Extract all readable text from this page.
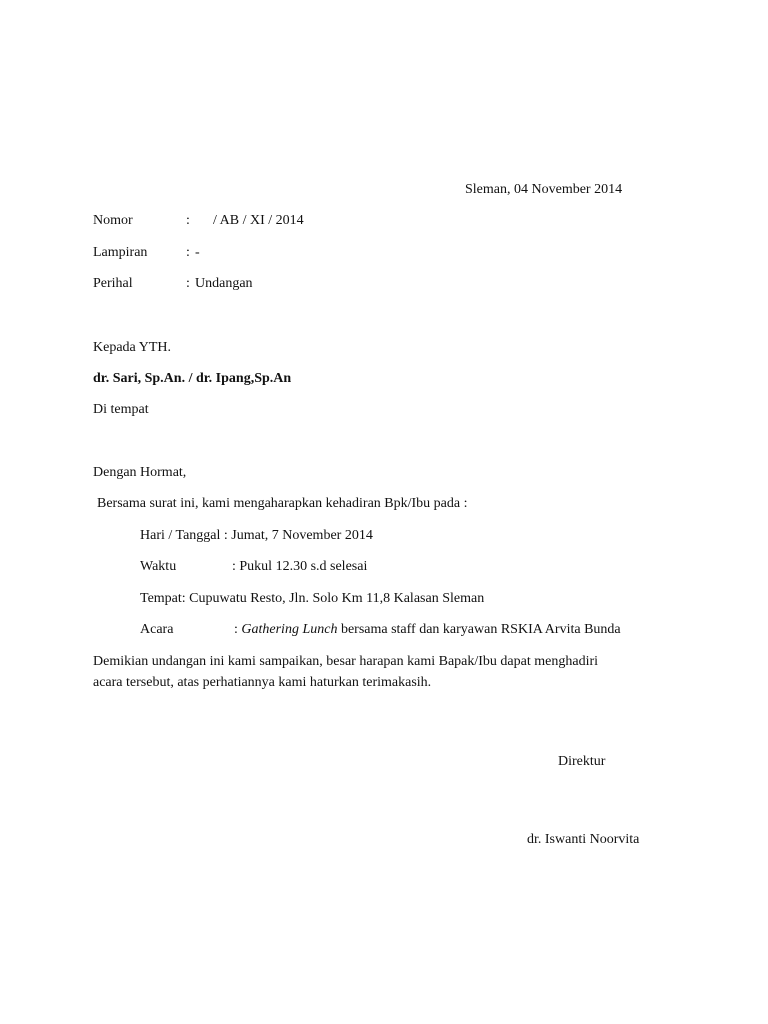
Sleman, 04 November 2014
Nomor	: / AB / XI / 2014
Lampiran	: -
Perihal	: Undangan
Kepada YTH.
dr. Sari, Sp.An. / dr. Ipang,Sp.An
Di tempat
Dengan Hormat,
Bersama surat ini, kami mengaharapkan kehadiran Bpk/Ibu pada :
Hari / Tanggal : Jumat, 7 November 2014
Waktu	: Pukul 12.30 s.d selesai
Tempat: Cupuwatu Resto, Jln. Solo Km 11,8 Kalasan Sleman
Acara	: Gathering Lunch bersama staff dan karyawan RSKIA Arvita Bunda
Demikian undangan ini kami sampaikan, besar harapan kami Bapak/Ibu dapat menghadiri
acara tersebut, atas perhatiannya kami haturkan terimakasih.
Direktur
dr. Iswanti Noorvita
